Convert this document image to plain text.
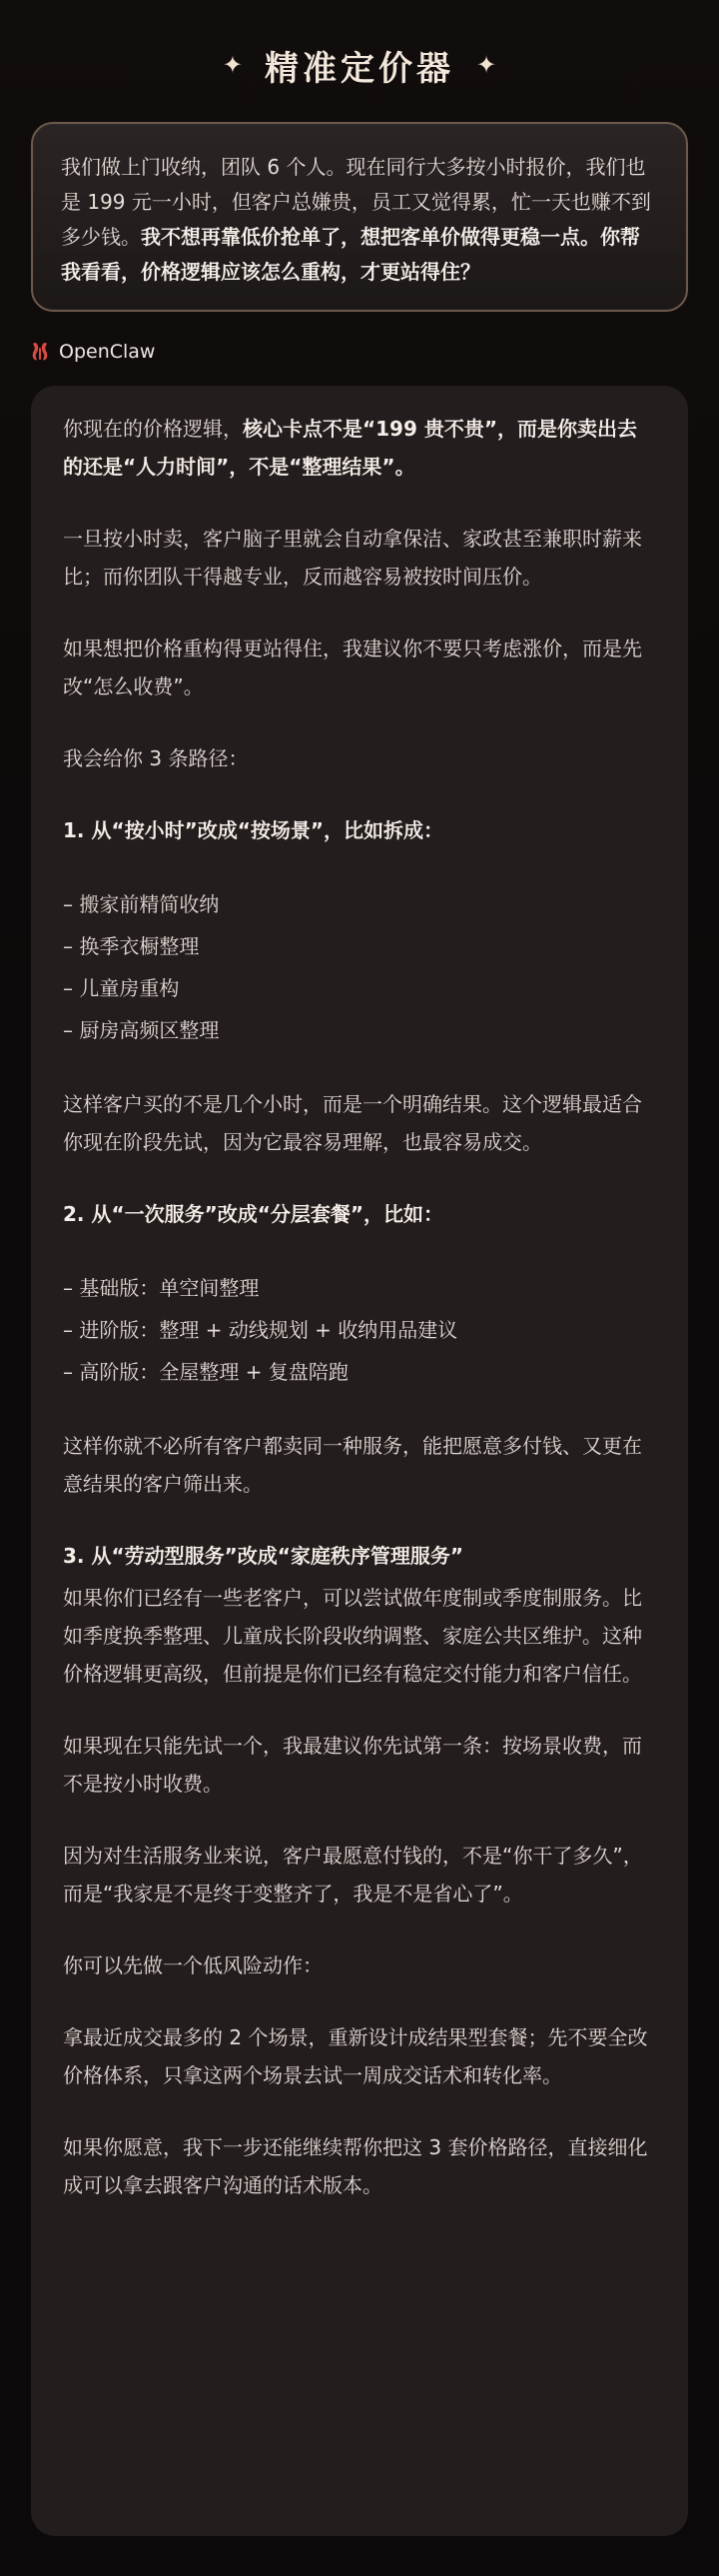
✦ 精准定价器 ✦
我们做上门收纳，团队 6 个人。现在同行大多按小时报价，我们也是 199 元一小时，但客户总嫌贵，员工又觉得累，忙一天也赚不到多少钱。我不想再靠低价抢单了，想把客单价做得更稳一点。你帮我看看，价格逻辑应该怎么重构，才更站得住？
OpenClaw

你现在的价格逻辑，核心卡点不是“199 贵不贵”，而是你卖出去的还是“人力时间”，不是“整理结果”。

一旦按小时卖，客户脑子里就会自动拿保洁、家政甚至兼职时薪来比；而你团队干得越专业，反而越容易被按时间压价。

如果想把价格重构得更站得住，我建议你不要只考虑涨价，而是先改“怎么收费”。

我会给你 3 条路径：

1. 从“按小时”改成“按场景”，比如拆成：

– 搬家前精简收纳
– 换季衣橱整理
– 儿童房重构
– 厨房高频区整理

这样客户买的不是几个小时，而是一个明确结果。这个逻辑最适合你现在阶段先试，因为它最容易理解，也最容易成交。

2. 从“一次服务”改成“分层套餐”，比如：

– 基础版：单空间整理
– 进阶版：整理 + 动线规划 + 收纳用品建议
– 高阶版：全屋整理 + 复盘陪跑

这样你就不必所有客户都卖同一种服务，能把愿意多付钱、又更在意结果的客户筛出来。

3. 从“劳动型服务”改成“家庭秩序管理服务”

如果你们已经有一些老客户，可以尝试做年度制或季度制服务。比如季度换季整理、儿童成长阶段收纳调整、家庭公共区维护。这种价格逻辑更高级，但前提是你们已经有稳定交付能力和客户信任。

如果现在只能先试一个，我最建议你先试第一条：按场景收费，而不是按小时收费。

因为对生活服务业来说，客户最愿意付钱的，不是“你干了多久”，而是“我家是不是终于变整齐了，我是不是省心了”。

你可以先做一个低风险动作：

拿最近成交最多的 2 个场景，重新设计成结果型套餐；先不要全改价格体系，只拿这两个场景去试一周成交话术和转化率。

如果你愿意，我下一步还能继续帮你把这 3 套价格路径，直接细化成可以拿去跟客户沟通的话术版本。
